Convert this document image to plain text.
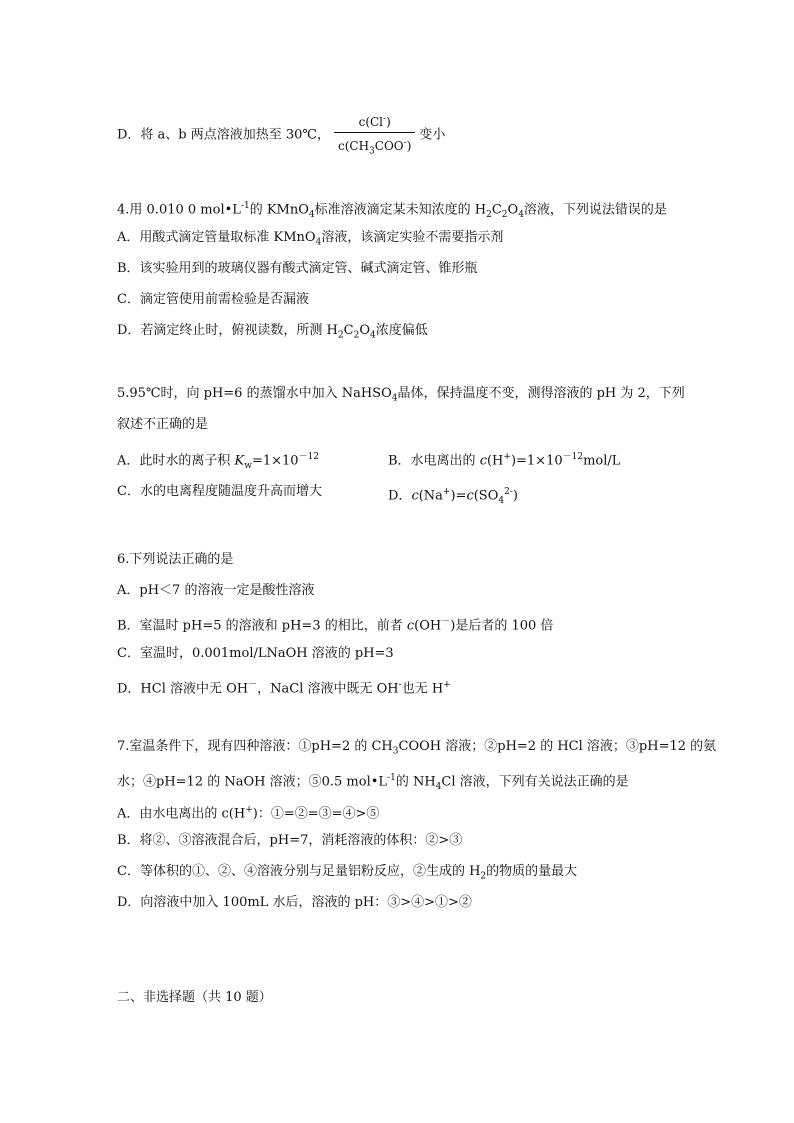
D．将 a、b 两点溶液加热至 30℃， $\frac{c(Cl^-)}{c(CH_3COO^-)}$ 变小
4.用 0.010 0 $mol•L^{-1}$的 KMnO$_4$标准溶液滴定某未知浓度的 $H_2C_2O_4$溶液，下列说法错误的是
A．用酸式滴定管量取标准 KMnO$_4$溶液，该滴定实验不需要指示剂
B．该实验用到的玻璃仪器有酸式滴定管、碱式滴定管、锥形瓶
C．滴定管使用前需检验是否漏液
D．若滴定终止时，俯视读数，所测 $H_2C_2O_4$浓度偏低
5.95℃时，向 pH=6 的蒸馏水中加入 NaHSO$_4$晶体，保持温度不变，测得溶液的 pH 为 2，下列
叙述不正确的是
A．此时水的离子积 $K_w=1\times 10^{-12}$	B．水电离出的 $c(H^+)=1\times 10^{-12}mol/L$
C．水的电离程度随温度升高而增大	D．$c(Na^+)=c(SO_4^{2-})$
6.下列说法正确的是
A．pH＜7 的溶液一定是酸性溶液
B．室温时 pH=5 的溶液和 pH=3 的相比，前者 c(OH－)是后者的 100 倍
C．室温时，0.001mol/LNaOH 溶液的 pH=3
D．HCl 溶液中无 OH－，NaCl 溶液中既无 OH-也无 H+
7.室温条件下，现有四种溶液：①pH=2 的 $CH_3COOH$ 溶液；②pH=2 的 HCl 溶液；③pH=12 的氨
水；④pH=12 的 NaOH 溶液；⑤0.5 $mol•L^{-1}$的 $NH_4Cl$ 溶液，下列有关说法正确的是
A．由水电离出的 c(H+)：①=②=③=④>⑤
B．将②、③溶液混合后，pH=7，消耗溶液的体积：②>③
C．等体积的①、②、④溶液分别与足量铝粉反应，②生成的 $H_2$的物质的量最大
D．向溶液中加入 100mL 水后，溶液的 pH：③>④>①>②
二、非选择题（共 10 题）
